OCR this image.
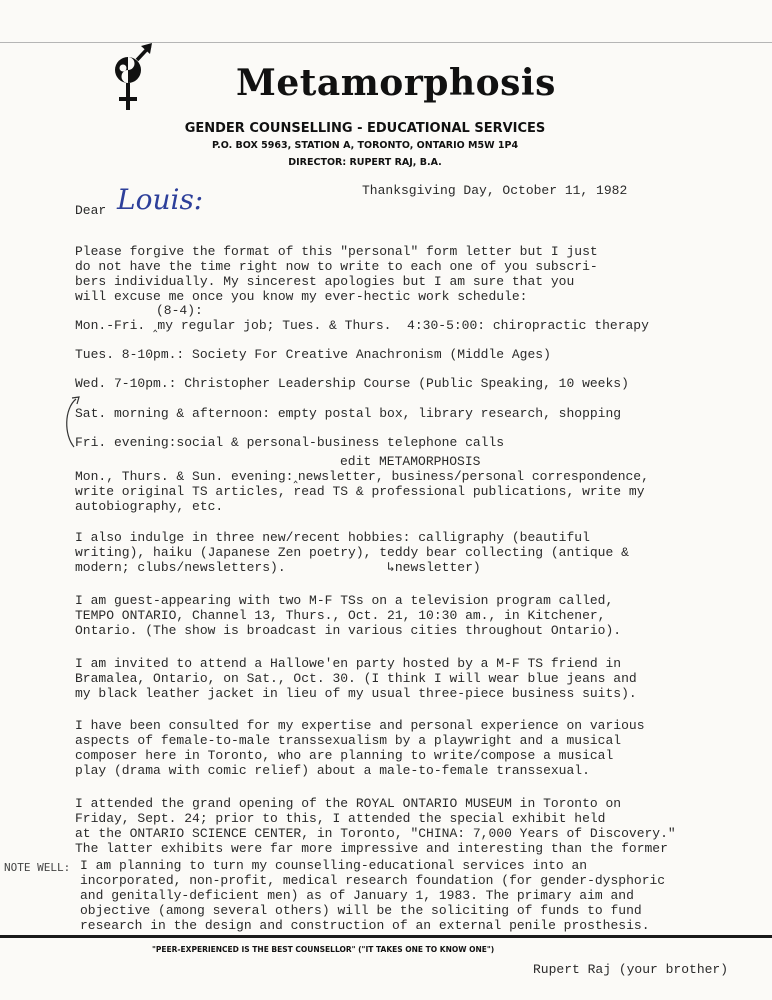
Metamorphosis
GENDER COUNSELLING - EDUCATIONAL SERVICES
P.O. BOX 5963, STATION A, TORONTO, ONTARIO M5W 1P4
DIRECTOR: RUPERT RAJ, B.A.
Thanksgiving Day, October 11, 1982
Dear Louis:
Please forgive the format of this "personal" form letter but I just
do not have the time right now to write to each one of you subscri-
bers individually. My sincerest apologies but I am sure that you
will excuse me once you know my ever-hectic work schedule:
(8-4):
Mon.-Fri. ‸my regular job; Tues. & Thurs.  4:30-5:00: chiropractic therapy
Tues. 8-10pm.: Society For Creative Anachronism (Middle Ages)
Wed. 7-10pm.: Christopher Leadership Course (Public Speaking, 10 weeks)
Sat. morning & afternoon: empty postal box, library research, shopping
Fri. evening:social & personal-business telephone calls
edit METAMORPHOSIS
Mon., Thurs. & Sun. evening:‸newsletter, business/personal correspondence,
write original TS articles, read TS & professional publications, write my
autobiography, etc.
I also indulge in three new/recent hobbies: calligraphy (beautiful
writing), haiku (Japanese Zen poetry), teddy bear collecting (antique &
modern; clubs/newsletters).             ↳newsletter)
I am guest-appearing with two M-F TSs on a television program called,
TEMPO ONTARIO, Channel 13, Thurs., Oct. 21, 10:30 am., in Kitchener,
Ontario. (The show is broadcast in various cities throughout Ontario).
I am invited to attend a Hallowe'en party hosted by a M-F TS friend in
Bramalea, Ontario, on Sat., Oct. 30. (I think I will wear blue jeans and
my black leather jacket in lieu of my usual three-piece business suits).
I have been consulted for my expertise and personal experience on various
aspects of female-to-male transsexualism by a playwright and a musical
composer here in Toronto, who are planning to write/compose a musical
play (drama with comic relief) about a male-to-female transsexual.
I attended the grand opening of the ROYAL ONTARIO MUSEUM in Toronto on
Friday, Sept. 24; prior to this, I attended the special exhibit held
at the ONTARIO SCIENCE CENTER, in Toronto, "CHINA: 7,000 Years of Discovery."
The latter exhibits were far more impressive and interesting than the former
NOTE WELL: I am planning to turn my counselling-educational services into an
incorporated, non-profit, medical research foundation (for gender-dysphoric
and genitally-deficient men) as of January 1, 1983. The primary aim and
objective (among several others) will be the soliciting of funds to fund
research in the design and construction of an external penile prosthesis.
"PEER-EXPERIENCED IS THE BEST COUNSELLOR" ("IT TAKES ONE TO KNOW ONE")
Rupert Raj (your brother)
